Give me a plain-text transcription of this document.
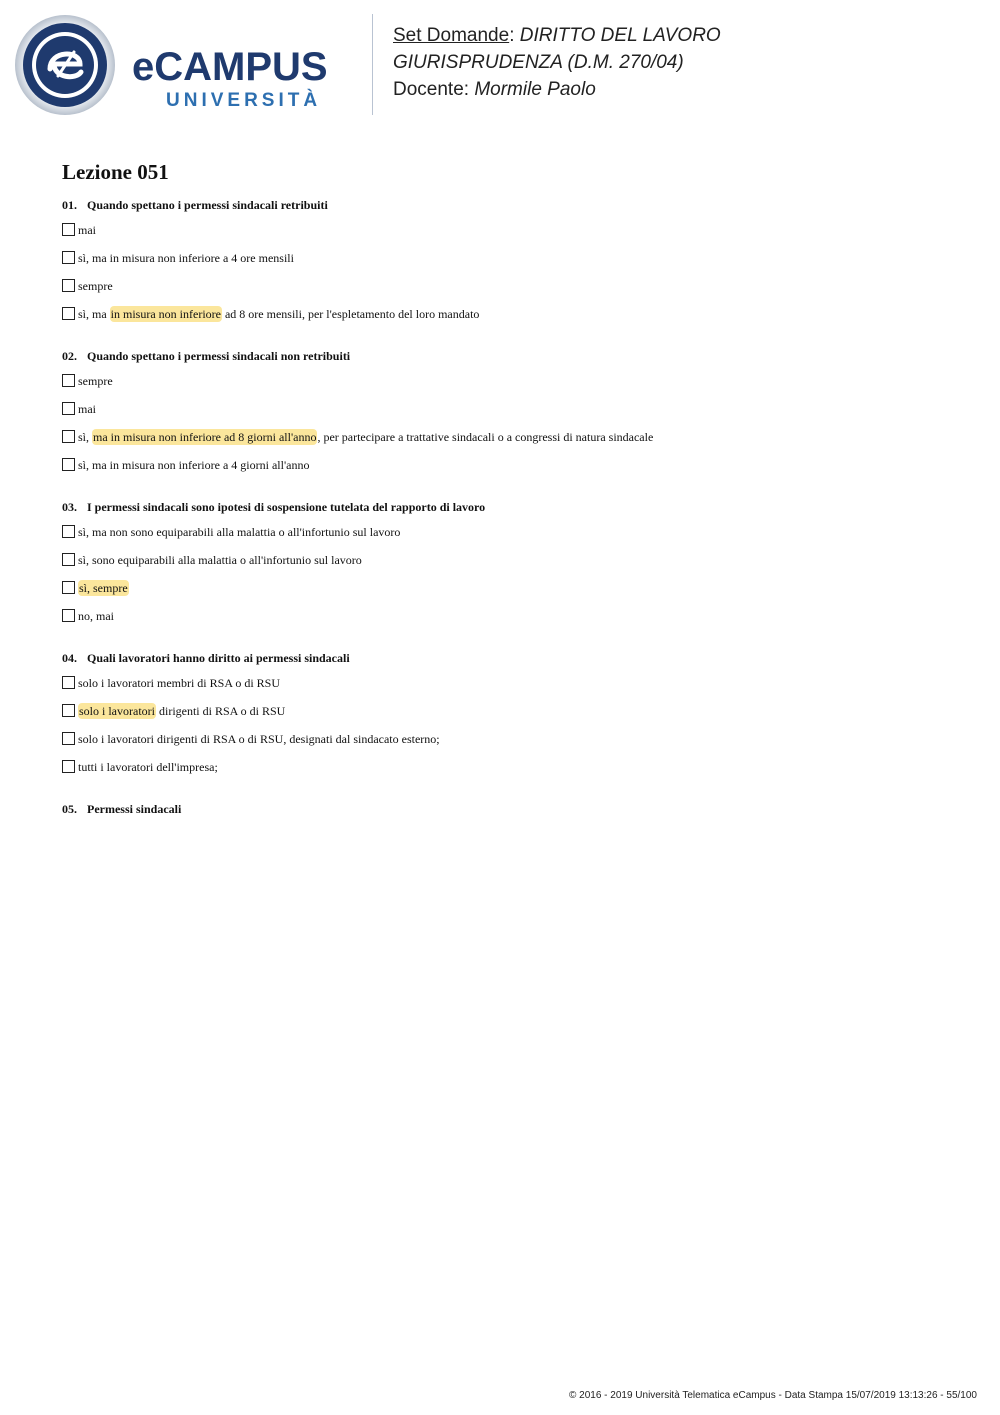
eCAMPUS
UNIVERSITÀ
Set Domande: DIRITTO DEL LAVORO
GIURISPRUDENZA (D.M. 270/04)
Docente: Mormile Paolo
Lezione 051
01. Quando spettano i permessi sindacali retribuiti
mai
sì, ma in misura non inferiore a 4 ore mensili
sempre
sì, ma in misura non inferiore ad 8 ore mensili, per l'espletamento del loro mandato
02. Quando spettano i permessi sindacali non retribuiti
sempre
mai
sì, ma in misura non inferiore ad 8 giorni all'anno, per partecipare a trattative sindacali o a congressi di natura sindacale
sì, ma in misura non inferiore a 4 giorni all'anno
03. I permessi sindacali sono ipotesi di sospensione tutelata del rapporto di lavoro
sì, ma non sono equiparabili alla malattia o all'infortunio sul lavoro
sì, sono equiparabili alla malattia o all'infortunio sul lavoro
sì, sempre
no, mai
04. Quali lavoratori hanno diritto ai permessi sindacali
solo i lavoratori membri di RSA o di RSU
solo i lavoratori dirigenti di RSA o di RSU
solo i lavoratori dirigenti di RSA o di RSU, designati dal sindacato esterno;
tutti i lavoratori dell'impresa;
05. Permessi sindacali
© 2016 - 2019 Università Telematica eCampus - Data Stampa 15/07/2019 13:13:26 - 55/100
